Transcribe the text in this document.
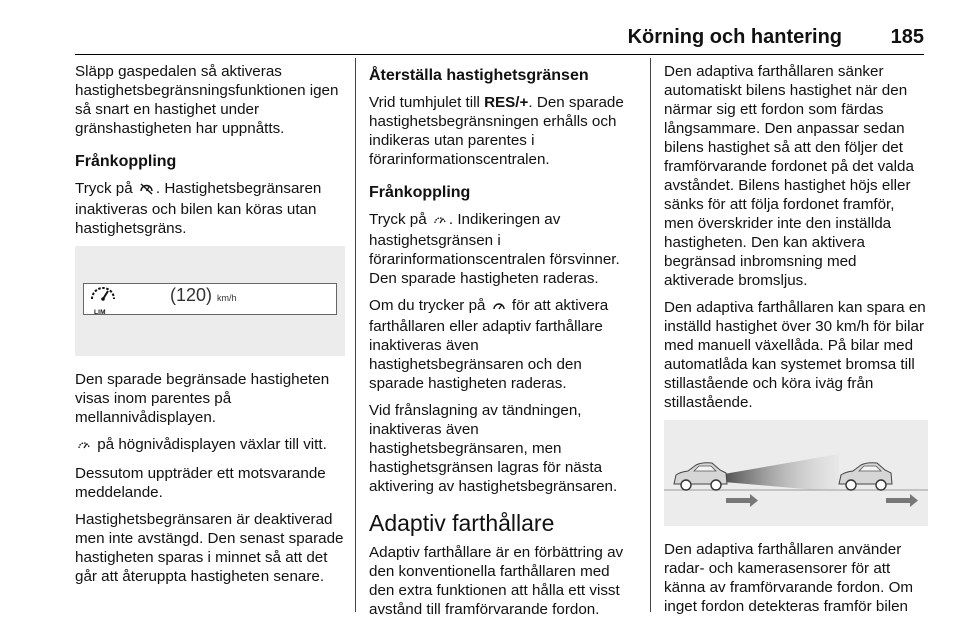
Körning och hantering 185

Släpp gaspedalen så aktiveras hastighetsbegränsningsfunktionen igen så snart en hastighet under gränshastigheten har uppnåtts.

Frånkoppling

Tryck på . Hastighetsbegränsaren inaktiveras och bilen kan köras utan hastighetsgräns.

LIM
(120) km/h

Den sparade begränsade hastigheten visas inom parentes på mellannivådisplayen.

på högnivådisplayen växlar till vitt.

Dessutom uppträder ett motsvarande meddelande.

Hastighetsbegränsaren är deaktiverad men inte avstängd. Den senast sparade hastigheten sparas i minnet så att det går att återuppta hastigheten senare.

Återställa hastighetsgränsen

Vrid tumhjulet till RES/+. Den sparade hastighetsbegränsningen erhålls och indikeras utan parentes i förarinformationscentralen.

Frånkoppling

Tryck på . Indikeringen av hastighetsgränsen i förarinformationscentralen försvinner. Den sparade hastigheten raderas.

Om du trycker på  för att aktivera farthållaren eller adaptiv farthållare inaktiveras även hastighetsbegränsaren och den sparade hastigheten raderas.

Vid frånslagning av tändningen, inaktiveras även hastighetsbegränsaren, men hastighetsgränsen lagras för nästa aktivering av hastighetsbegränsaren.

Adaptiv farthållare

Adaptiv farthållare är en förbättring av den konventionella farthållaren med den extra funktionen att hålla ett visst avstånd till framförvarande fordon.

Den adaptiva farthållaren sänker automatiskt bilens hastighet när den närmar sig ett fordon som färdas långsammare. Den anpassar sedan bilens hastighet så att den följer det framförvarande fordonet på det valda avståndet. Bilens hastighet höjs eller sänks för att följa fordonet framför, men överskrider inte den inställda hastigheten. Den kan aktivera begränsad inbromsning med aktiverade bromsljus.

Den adaptiva farthållaren kan spara en inställd hastighet över 30 km/h för bilar med manuell växellåda. På bilar med automatlåda kan systemet bromsa till stillastående och köra iväg från stillastående.

Den adaptiva farthållaren använder radar- och kamerasensorer för att känna av framförvarande fordon. Om inget fordon detekteras framför bilen
